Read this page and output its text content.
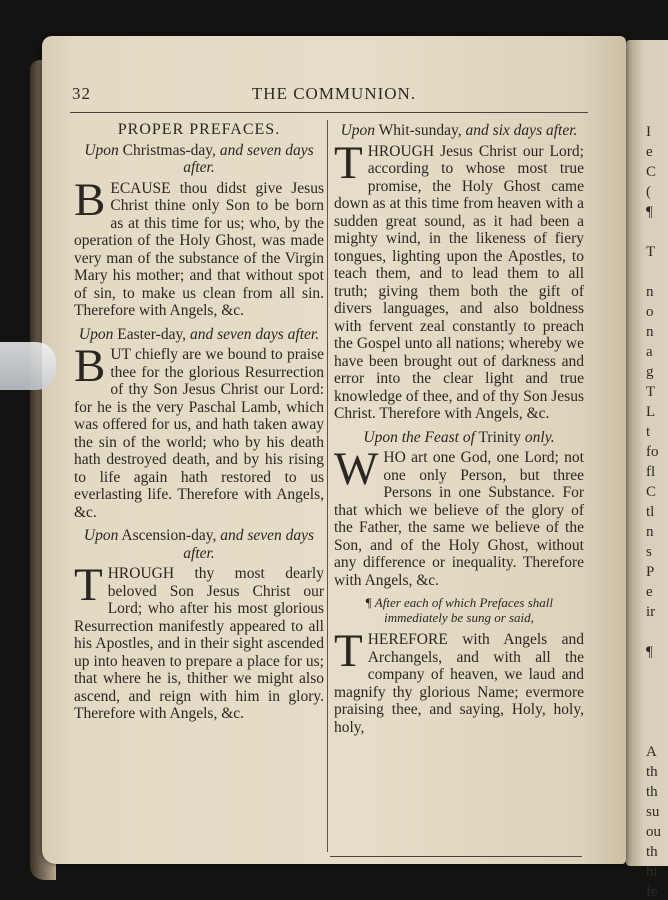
I
e
C
(
¶
T
n
o
n
a
g
T
L
t
fo
fl
C
tl
n
s
P
e
ir
¶
A
th
th
su
ou
th
hi
fe
32	THE COMMUNION.
PROPER PREFACES.
Upon Christmas-day, and seven days after.
BECAUSE thou didst give Jesus Christ thine only Son to be born as at this time for us; who, by the operation of the Holy Ghost, was made very man of the substance of the Virgin Mary his mother; and that without spot of sin, to make us clean from all sin. Therefore with Angels, &c.
Upon Easter-day, and seven days after.
BUT chiefly are we bound to praise thee for the glorious Resurrection of thy Son Jesus Christ our Lord: for he is the very Paschal Lamb, which was offered for us, and hath taken away the sin of the world; who by his death hath destroyed death, and by his rising to life again hath restored to us everlasting life. Therefore with Angels, &c.
Upon Ascension-day, and seven days after.
THROUGH thy most dearly beloved Son Jesus Christ our Lord; who after his most glorious Resurrection manifestly appeared to all his Apostles, and in their sight ascended up into heaven to prepare a place for us; that where he is, thither we might also ascend, and reign with him in glory. Therefore with Angels, &c.
Upon Whit-sunday, and six days after.
THROUGH Jesus Christ our Lord; according to whose most true promise, the Holy Ghost came down as at this time from heaven with a sudden great sound, as it had been a mighty wind, in the likeness of fiery tongues, lighting upon the Apostles, to teach them, and to lead them to all truth; giving them both the gift of divers languages, and also boldness with fervent zeal constantly to preach the Gospel unto all nations; whereby we have been brought out of darkness and error into the clear light and true knowledge of thee, and of thy Son Jesus Christ. Therefore with Angels, &c.
Upon the Feast of Trinity only.
WHO art one God, one Lord; not one only Person, but three Persons in one Substance. For that which we believe of the glory of the Father, the same we believe of the Son, and of the Holy Ghost, without any difference or inequality. Therefore with Angels, &c.
¶ After each of which Prefaces shall immediately be sung or said,
THEREFORE with Angels and Archangels, and with all the company of heaven, we laud and magnify thy glorious Name; evermore praising thee, and saying, Holy, holy, holy,
